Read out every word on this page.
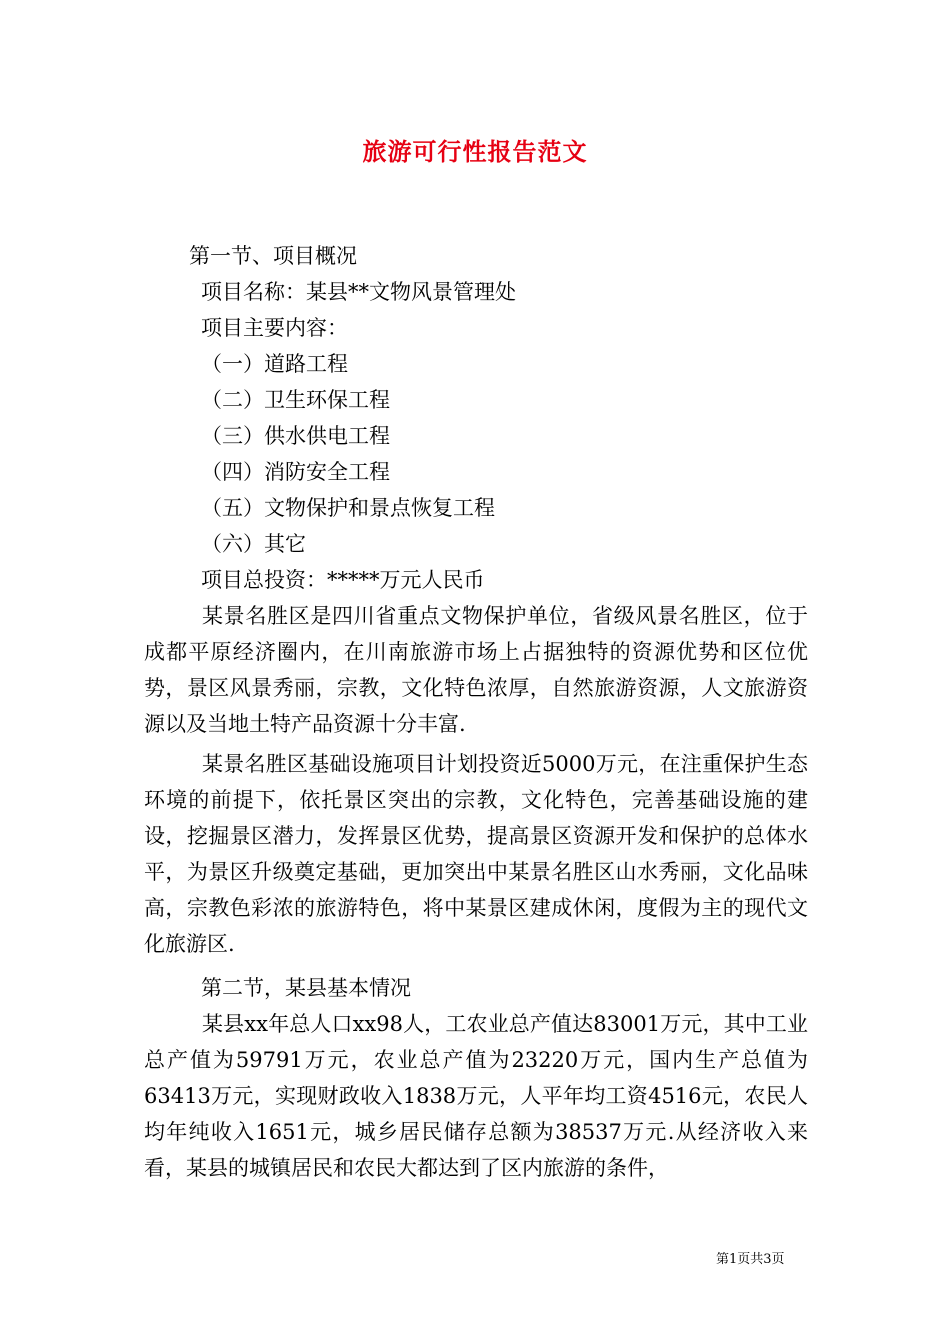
旅游可行性报告范文
第一节、项目概况
项目名称：某县**文物风景管理处
项目主要内容：
（一）道路工程
（二）卫生环保工程
（三）供水供电工程
（四）消防安全工程
（五）文物保护和景点恢复工程
（六）其它
项目总投资：*****万元人民币

某景名胜区是四川省重点文物保护单位，省级风景名胜区，位于成都平原经济圈内，在川南旅游市场上占据独特的资源优势和区位优势，景区风景秀丽，宗教，文化特色浓厚，自然旅游资源，人文旅游资源以及当地土特产品资源十分丰富.

某景名胜区基础设施项目计划投资近5000万元，在注重保护生态环境的前提下，依托景区突出的宗教，文化特色，完善基础设施的建设，挖掘景区潜力，发挥景区优势，提高景区资源开发和保护的总体水平，为景区升级奠定基础，更加突出中某景名胜区山水秀丽，文化品味高，宗教色彩浓的旅游特色，将中某景区建成休闲，度假为主的现代文化旅游区.

第二节，某县基本情况

某县xx年总人口xx98人，工农业总产值达83001万元，其中工业总产值为59791万元，农业总产值为23220万元，国内生产总值为63413万元，实现财政收入1838万元，人平年均工资4516元，农民人均年纯收入1651元，城乡居民储存总额为38537万元.从经济收入来看，某县的城镇居民和农民大都达到了区内旅游的条件，

第1页共3页
